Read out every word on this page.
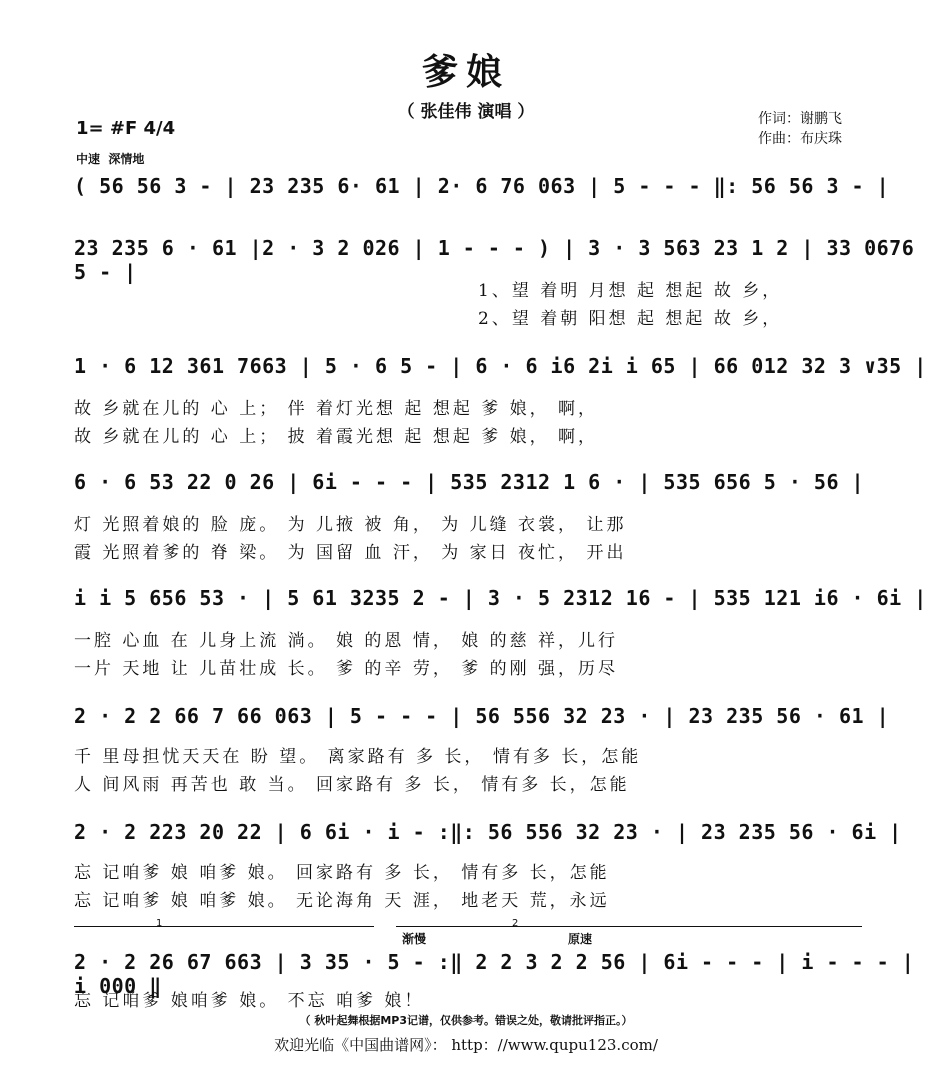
爹娘
（ 张佳伟 演唱 ）	作词：谢鹏飞
作曲：布庆珠
1= #F 4/4
中速  深情地
( 56 56 3 - | 23 235 6· 61 | 2· 6 76 063 | 5 - - - ‖: 56 56 3 - |
23 235 6 · 61 |2 · 3 2 026 | 1 - - - ) | 3 · 3 563 23 1 2 | 33 0676 5 - |
1、望 着明 月想 起 想起 故 乡，
2、望 着朝 阳想 起 想起 故 乡，
1 · 6 12 361 7663 | 5 · 6 5 - | 6 · 6 i6 2i i 65 | 66 012 32 3 ∨35 |
故 乡就在儿的 心 上； 伴 着灯光想 起 想起 爹 娘， 啊，
故 乡就在儿的 心 上； 披 着霞光想 起 想起 爹 娘， 啊，
6 · 6 53 22 0 26 | 6i - - - | 535 2312 1 6 · | 535 656 5 · 56 |
灯 光照着娘的 脸 庞。 为 儿掖 被 角， 为 儿缝 衣裳， 让那
霞 光照着爹的 脊 梁。 为 国留 血 汗， 为 家日 夜忙， 开出
i i 5 656 53 · | 5 61 3235 2 - | 3 · 5 2312 16 - | 535 121 i6 · 6i |
一腔 心血 在 儿身上流 淌。 娘 的恩 情， 娘 的慈 祥，儿行
一片 天地 让 儿苗壮成 长。 爹 的辛 劳， 爹 的刚 强，历尽
2 · 2 2 66 7 66 063 | 5 - - - | 56 556 32 23 · | 23 235 56 · 61 |
千 里母担忧天天在 盼 望。 离家路有 多 长， 情有多 长，怎能
人 间风雨 再苦也 敢 当。 回家路有 多 长， 情有多 长，怎能
2 · 2 223 20 22 | 6 6i · i - :‖: 56 556 32 23 · | 23 235 56 · 6i |
忘 记咱爹 娘 咱爹 娘。 回家路有 多 长， 情有多 长，怎能
忘 记咱爹 娘 咱爹 娘。 无论海角 天 涯， 地老天 荒，永远
1	2
渐慢	原速
2 · 2 26 67 663 | 3 35 · 5 - :‖ 2 2 3 2 2 56 | 6i - - - | i - - - | i 000 ‖
忘 记咱爹 娘咱爹 娘。 不忘 咱爹 娘！
（ 秋叶起舞根据MP3记谱，仅供参考。错误之处，敬请批评指正。）
欢迎光临《中国曲谱网》： http：//www.qupu123.com/
